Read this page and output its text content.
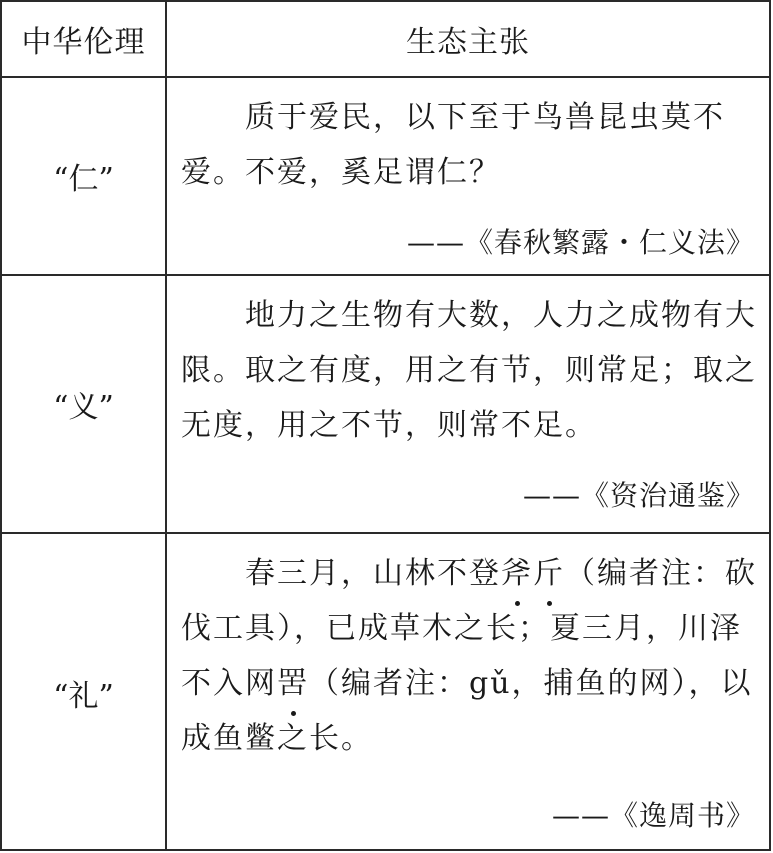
中华伦理	生态主张
“仁”
　　质于爱民，以下至于鸟兽昆虫莫不爱。不爱，奚足谓仁？
——《春秋繁露・仁义法》
“义”
　　地力之生物有大数，人力之成物有大限。取之有度，用之有节，则常足；取之无度，用之不节，则常不足。
——《资治通鉴》
“礼”
　　春三月，山林不登斧斤（编者注：砍伐工具），已成草木之长；夏三月，川泽不入网罟（编者注：gǔ，捕鱼的网），以成鱼鳖之长。
——《逸周书》
